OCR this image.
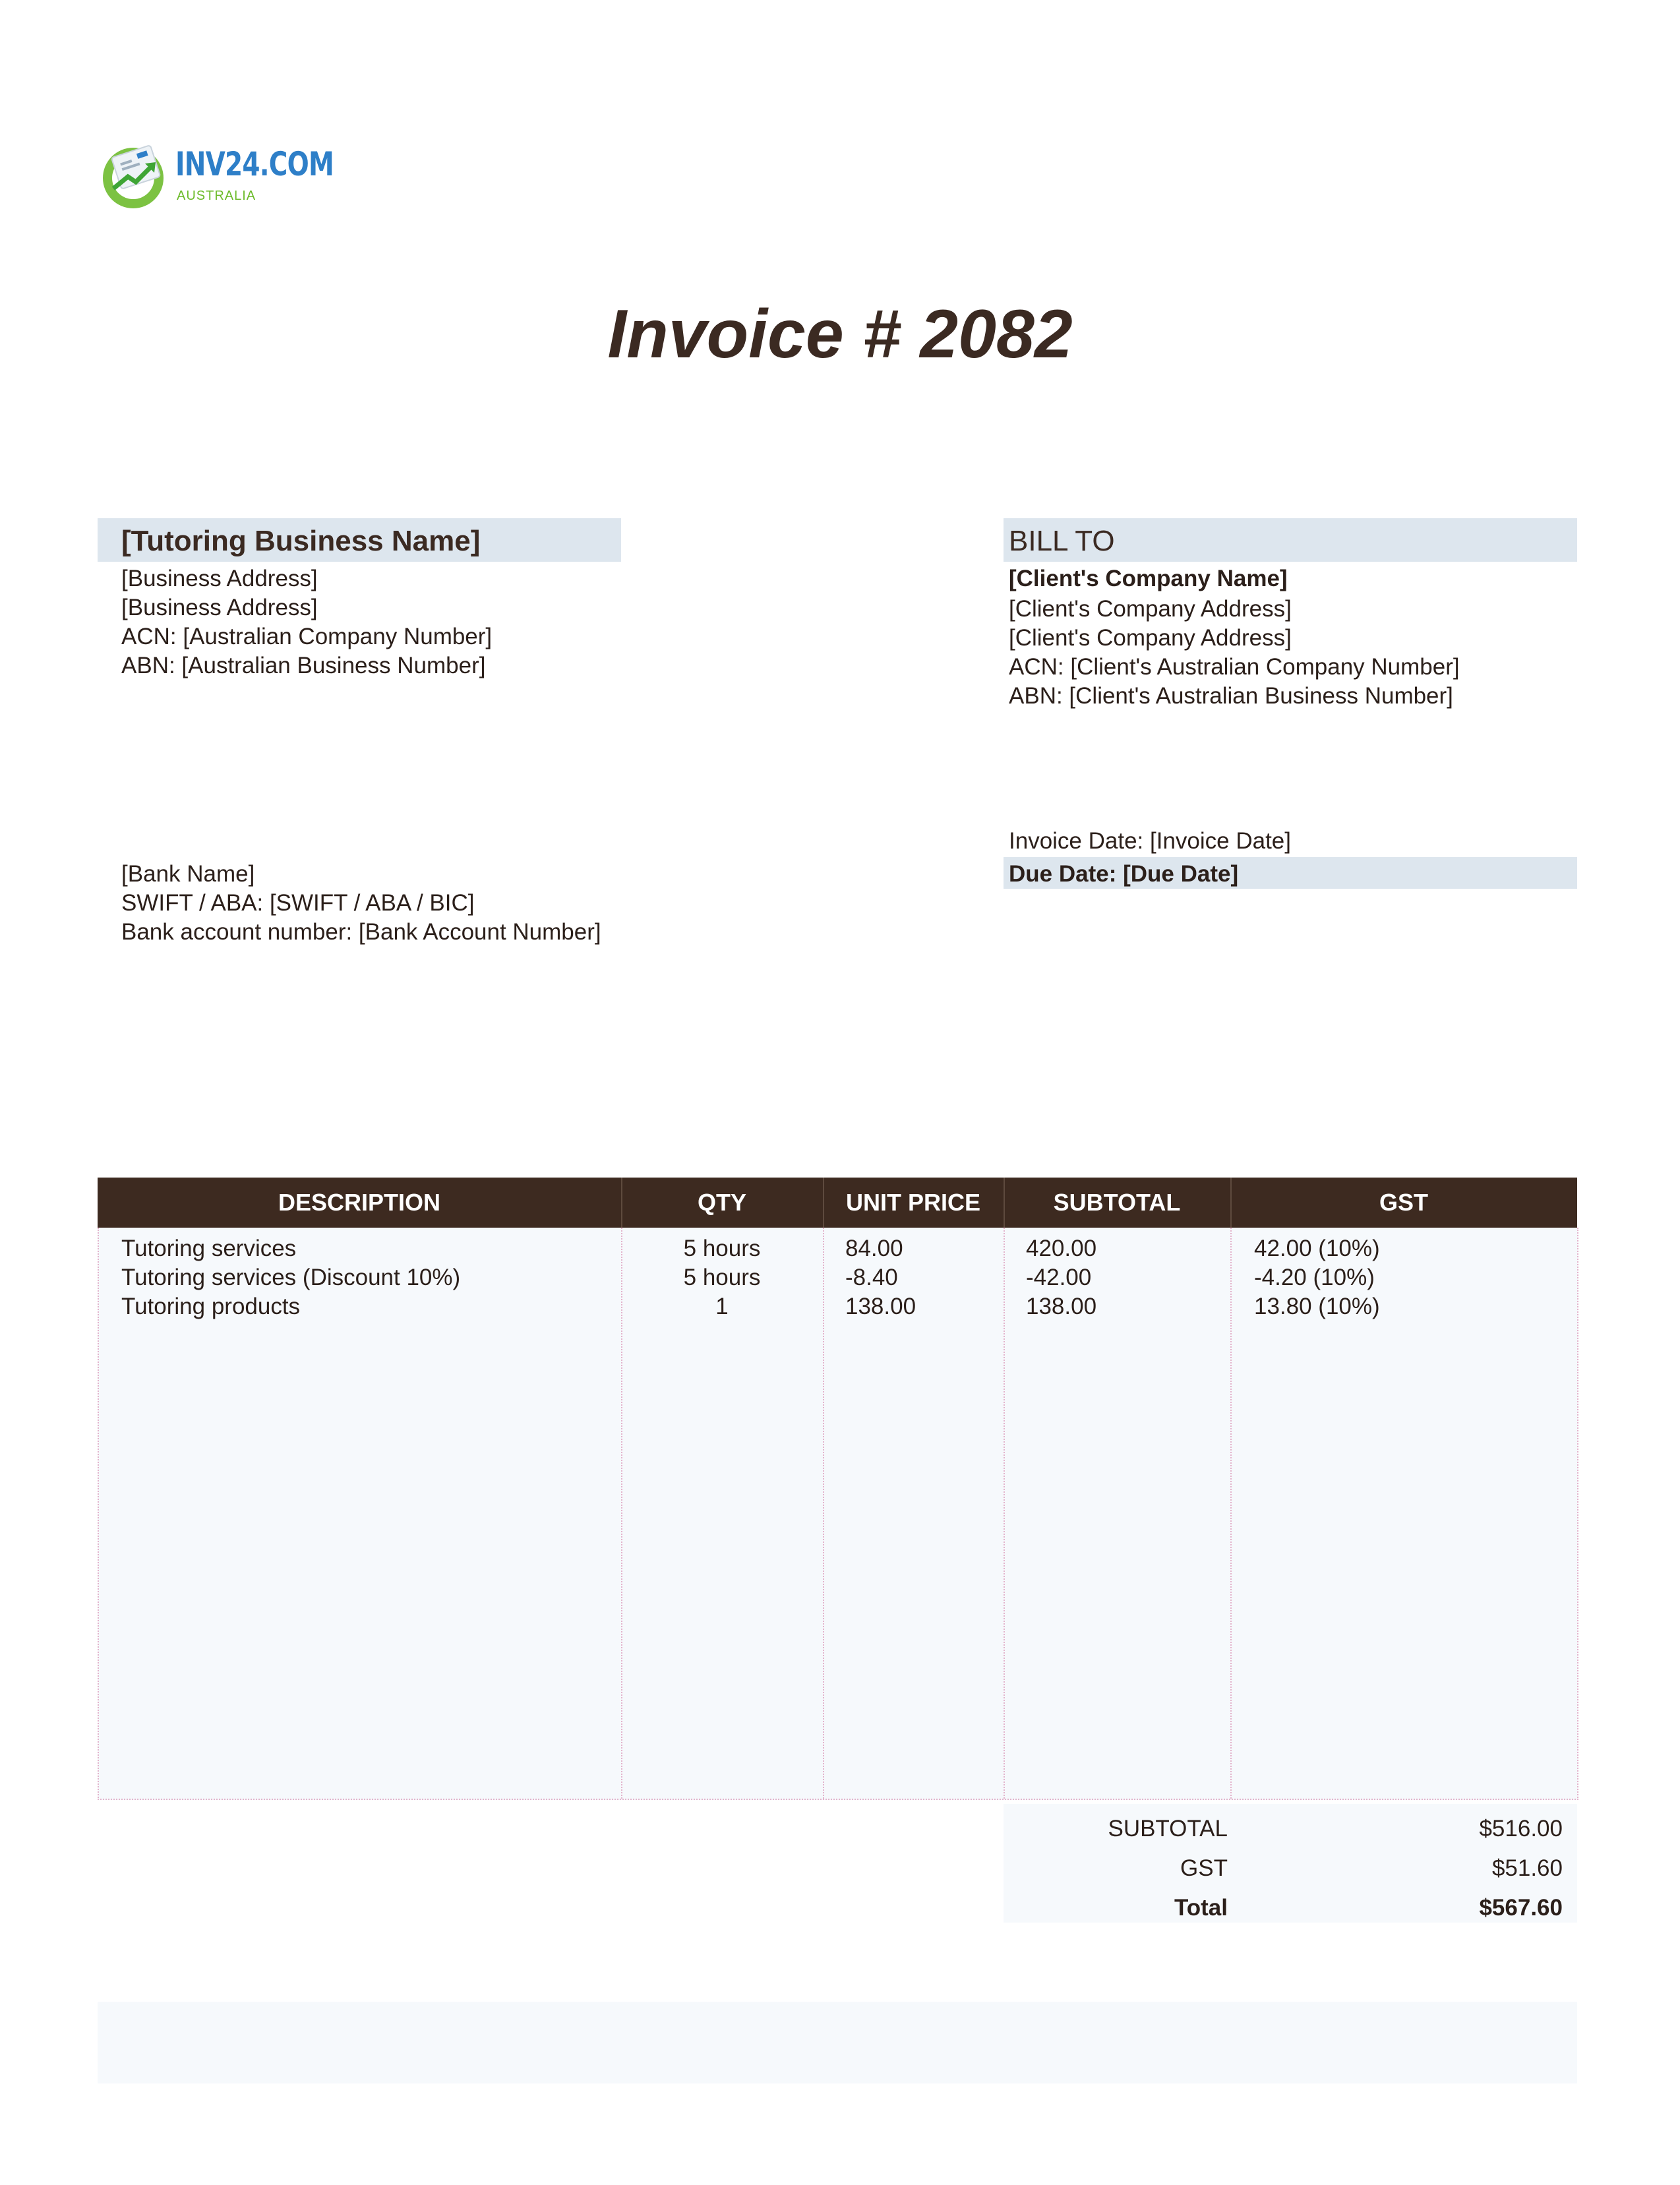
INV24.COM
AUSTRALIA
Invoice # 2082
[Tutoring Business Name]
[Business Address]
[Business Address]
ACN: [Australian Company Number]
ABN: [Australian Business Number]
[Bank Name]
SWIFT / ABA: [SWIFT / ABA / BIC]
Bank account number: [Bank Account Number]
BILL TO
[Client's Company Name]
[Client's Company Address]
[Client's Company Address]
ACN: [Client's Australian Company Number]
ABN: [Client's Australian Business Number]
Invoice Date: [Invoice Date]
Due Date: [Due Date]
DESCRIPTION	QTY	UNIT PRICE	SUBTOTAL	GST
Tutoring services	5 hours	84.00	420.00	42.00 (10%)
Tutoring services (Discount 10%)	5 hours	-8.40	-42.00	-4.20 (10%)
Tutoring products	1	138.00	138.00	13.80 (10%)
SUBTOTAL	$516.00
GST	$51.60
Total	$567.60
